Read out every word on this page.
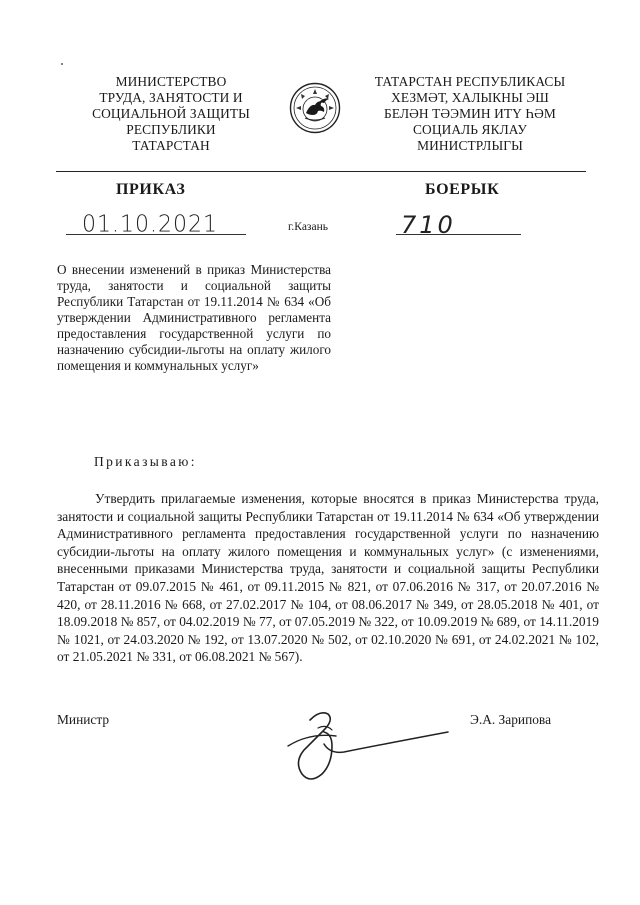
МИНИСТЕРСТВО
ТРУДА, ЗАНЯТОСТИ И
СОЦИАЛЬНОЙ ЗАЩИТЫ
РЕСПУБЛИКИ
ТАТАРСТАН
ТАТАРСТАН РЕСПУБЛИКАСЫ
ХЕЗМӘТ, ХАЛЫКНЫ ЭШ
БЕЛӘН ТӘЭМИН ИТҮ ҺӘМ
СОЦИАЛЬ ЯКЛАУ
МИНИСТРЛЫГЫ
ПРИКАЗ	БОЕРЫК
01.10.2021	г.Казань	710
О внесении изменений в приказ Министерства труда, занятости и социальной защиты Республики Татарстан от 19.11.2014 № 634 «Об утверждении Административного регламента предоставления государственной услуги по назначению субсидии-льготы на оплату жилого помещения и коммунальных услуг»
Приказываю:
Утвердить прилагаемые изменения, которые вносятся в приказ Министерства труда, занятости и социальной защиты Республики Татарстан от 19.11.2014 № 634 «Об утверждении Административного регламента предоставления государственной услуги по назначению субсидии-льготы на оплату жилого помещения и коммунальных услуг» (с изменениями, внесенными приказами Министерства труда, занятости и социальной защиты Республики Татарстан от 09.07.2015 № 461, от 09.11.2015 № 821, от 07.06.2016 № 317, от 20.07.2016 № 420, от 28.11.2016 № 668, от 27.02.2017 № 104, от 08.06.2017 № 349, от 28.05.2018 № 401, от 18.09.2018 № 857, от 04.02.2019 № 77, от 07.05.2019 № 322, от 10.09.2019 № 689, от 14.11.2019 № 1021, от 24.03.2020 № 192, от 13.07.2020 № 502, от 02.10.2020 № 691, от 24.02.2021 № 102, от 21.05.2021 № 331, от 06.08.2021 № 567).
Министр	Э.А. Зарипова
